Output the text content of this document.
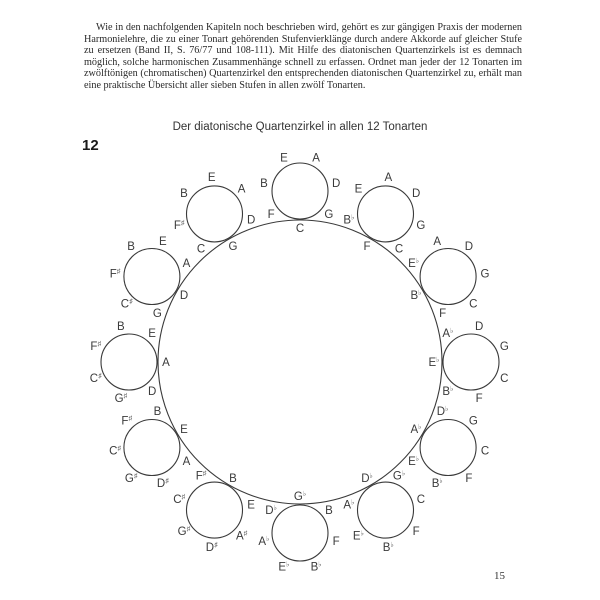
Wie in den nachfolgenden Kapiteln noch beschrieben wird, gehört es zur gängigen Praxis der modernen Harmonielehre, die zu einer Tonart gehörenden Stufenvierklänge durch andere Akkorde auf gleicher Stufe zu ersetzen (Band II, S. 76/77 und 108-111). Mit Hilfe des diatonischen Quartenzirkels ist es demnach möglich, solche harmonischen Zusammenhänge schnell zu erfassen. Ordnet man jeder der 12 Tonarten im zwölftönigen (chromatischen) Quartenzirkel den entsprechenden diatonischen Quartenzirkel zu, erhält man eine praktische Übersicht aller sieben Stufen in allen zwölf Tonarten.

Der diatonische Quartenzirkel in allen 12 Tonarten
12
C
F
B
E A
D
G
F
B♭
E
A
D
G
C
B♭
E♭
A D
G
C
F
E♭
A♭ D
G
C
F
B♭
A♭
D♭
G
C
F
B♭
E♭
D♭ G♭
C
F
B♭
E♭
A♭
G♭
B
F
B♭
E♭
A♭
D♭
B
E
A♯
D♯
G♯
C♯
F♯
E
A
D♯
G♯
C♯
F♯
B
A
D
G♯
C♯
F♯
B
E
D
G
C♯
F♯
B E
A
G
C
F♯
B
E
A
D
15
